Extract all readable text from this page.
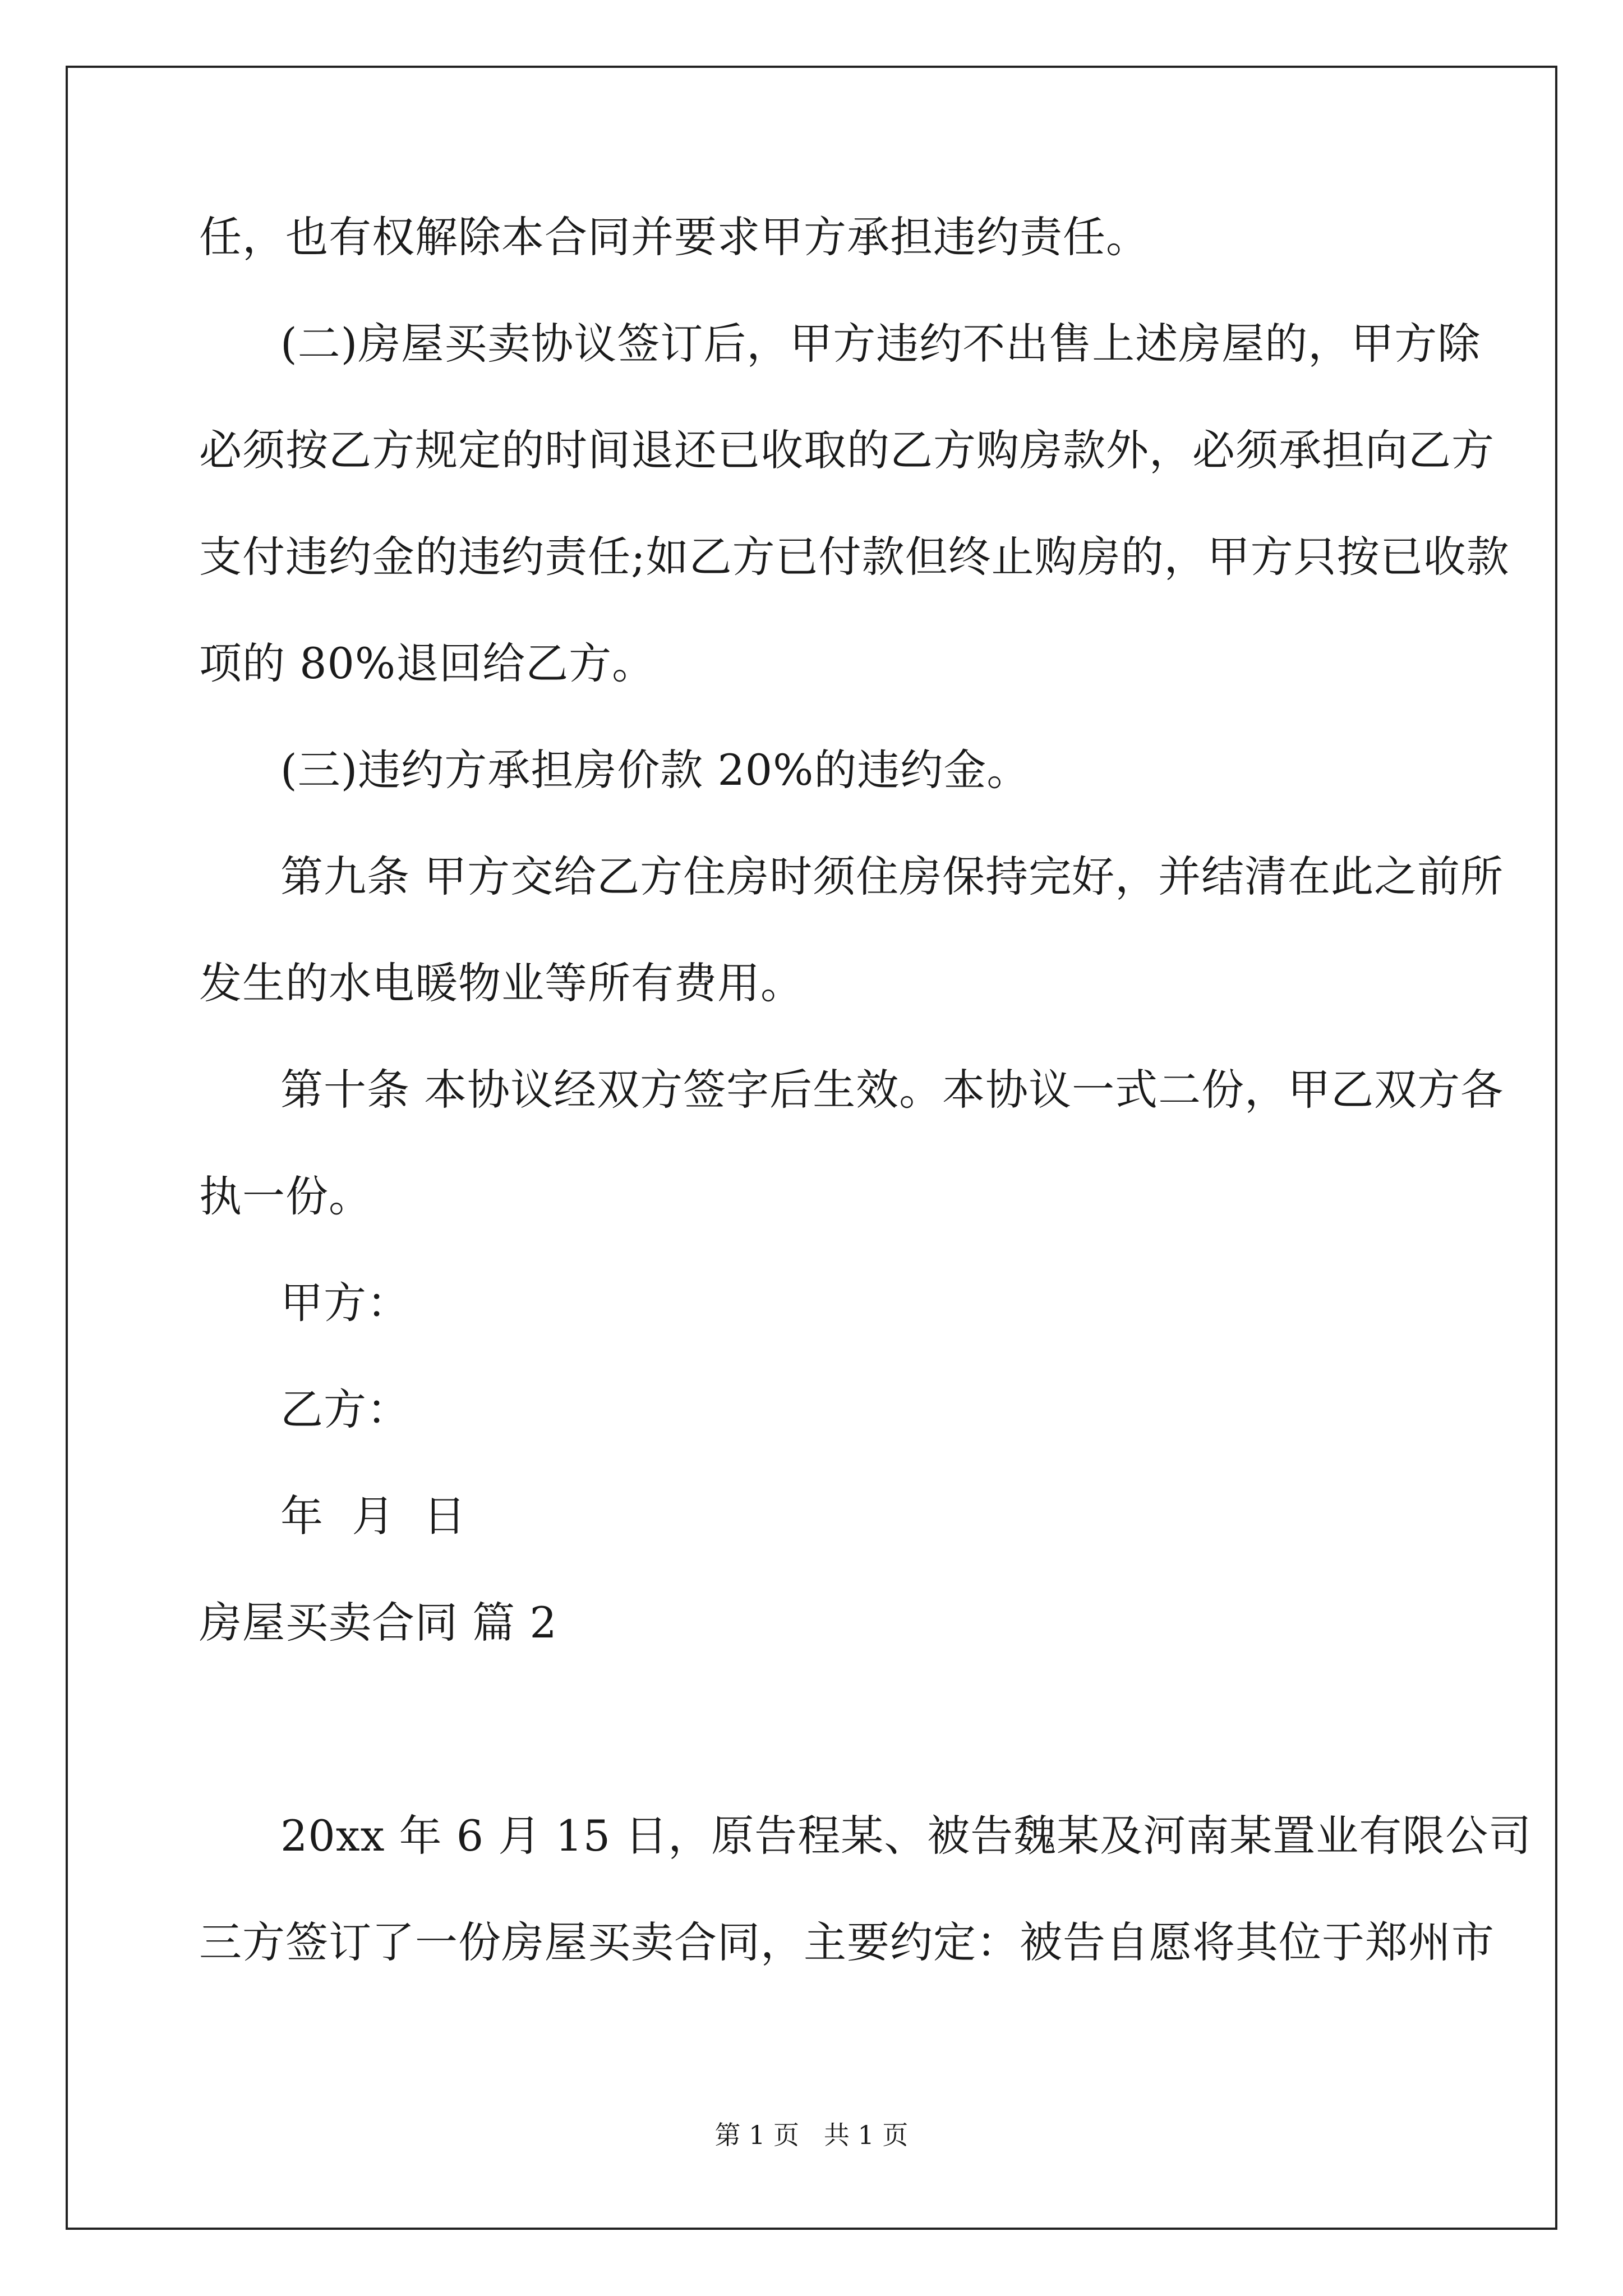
任，也有权解除本合同并要求甲方承担违约责任。
(二)房屋买卖协议签订后，甲方违约不出售上述房屋的，甲方除
必须按乙方规定的时间退还已收取的乙方购房款外，必须承担向乙方
支付违约金的违约责任;如乙方已付款但终止购房的，甲方只按已收款
项的 80%退回给乙方。
(三)违约方承担房价款 20%的违约金。
第九条 甲方交给乙方住房时须住房保持完好，并结清在此之前所
发生的水电暖物业等所有费用。
第十条 本协议经双方签字后生效。本协议一式二份，甲乙双方各
执一份。
甲方：
乙方：
年  月  日
房屋买卖合同 篇 2
20xx 年 6 月 15 日，原告程某、被告魏某及河南某置业有限公司
三方签订了一份房屋买卖合同，主要约定：被告自愿将其位于郑州市
第 1 页   共 1 页
